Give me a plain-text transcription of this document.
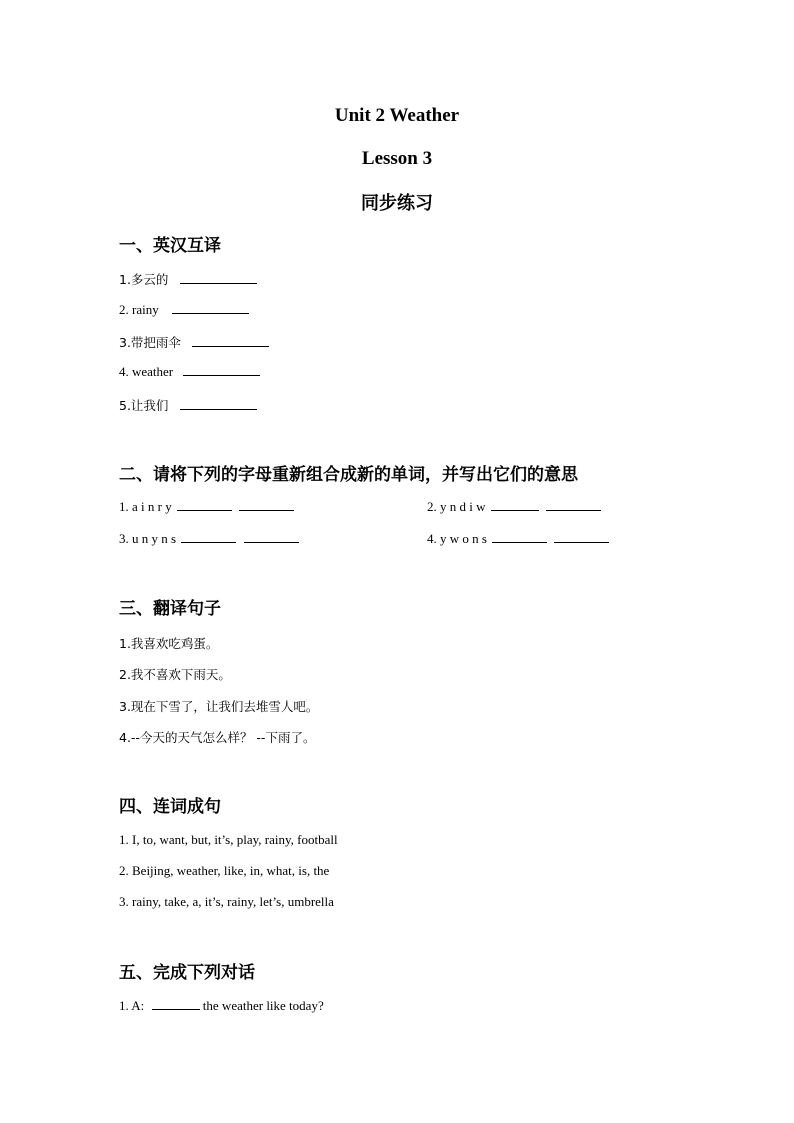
Unit 2 Weather
Lesson 3
同步练习
一、英汉互译
1.多云的
2. rainy
3.带把雨伞
4. weather
5.让我们
二、请将下列的字母重新组合成新的单词，并写出它们的意思
1. a i n r y	2. y n d i w
3. u n y n s	4. y w o n s
三、翻译句子
1.我喜欢吃鸡蛋。
2.我不喜欢下雨天。
3.现在下雪了，让我们去堆雪人吧。
4.--今天的天气怎么样？ --下雨了。
四、连词成句
1. I, to, want, but, it’s, play, rainy, football
2. Beijing, weather, like, in, what, is, the
3. rainy, take, a, it’s, rainy, let’s, umbrella
五、完成下列对话
1. A:	the weather like today?
